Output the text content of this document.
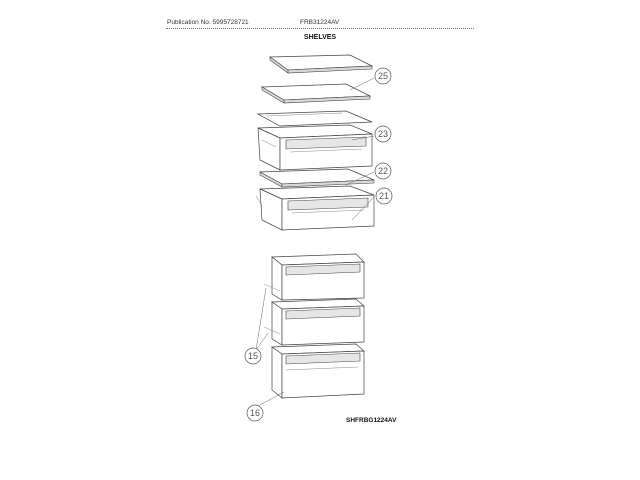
Publication No. 5995728721	FRB31224AV
SHELVES
25
23
22
21
15
16
SHFRBG1224AV
